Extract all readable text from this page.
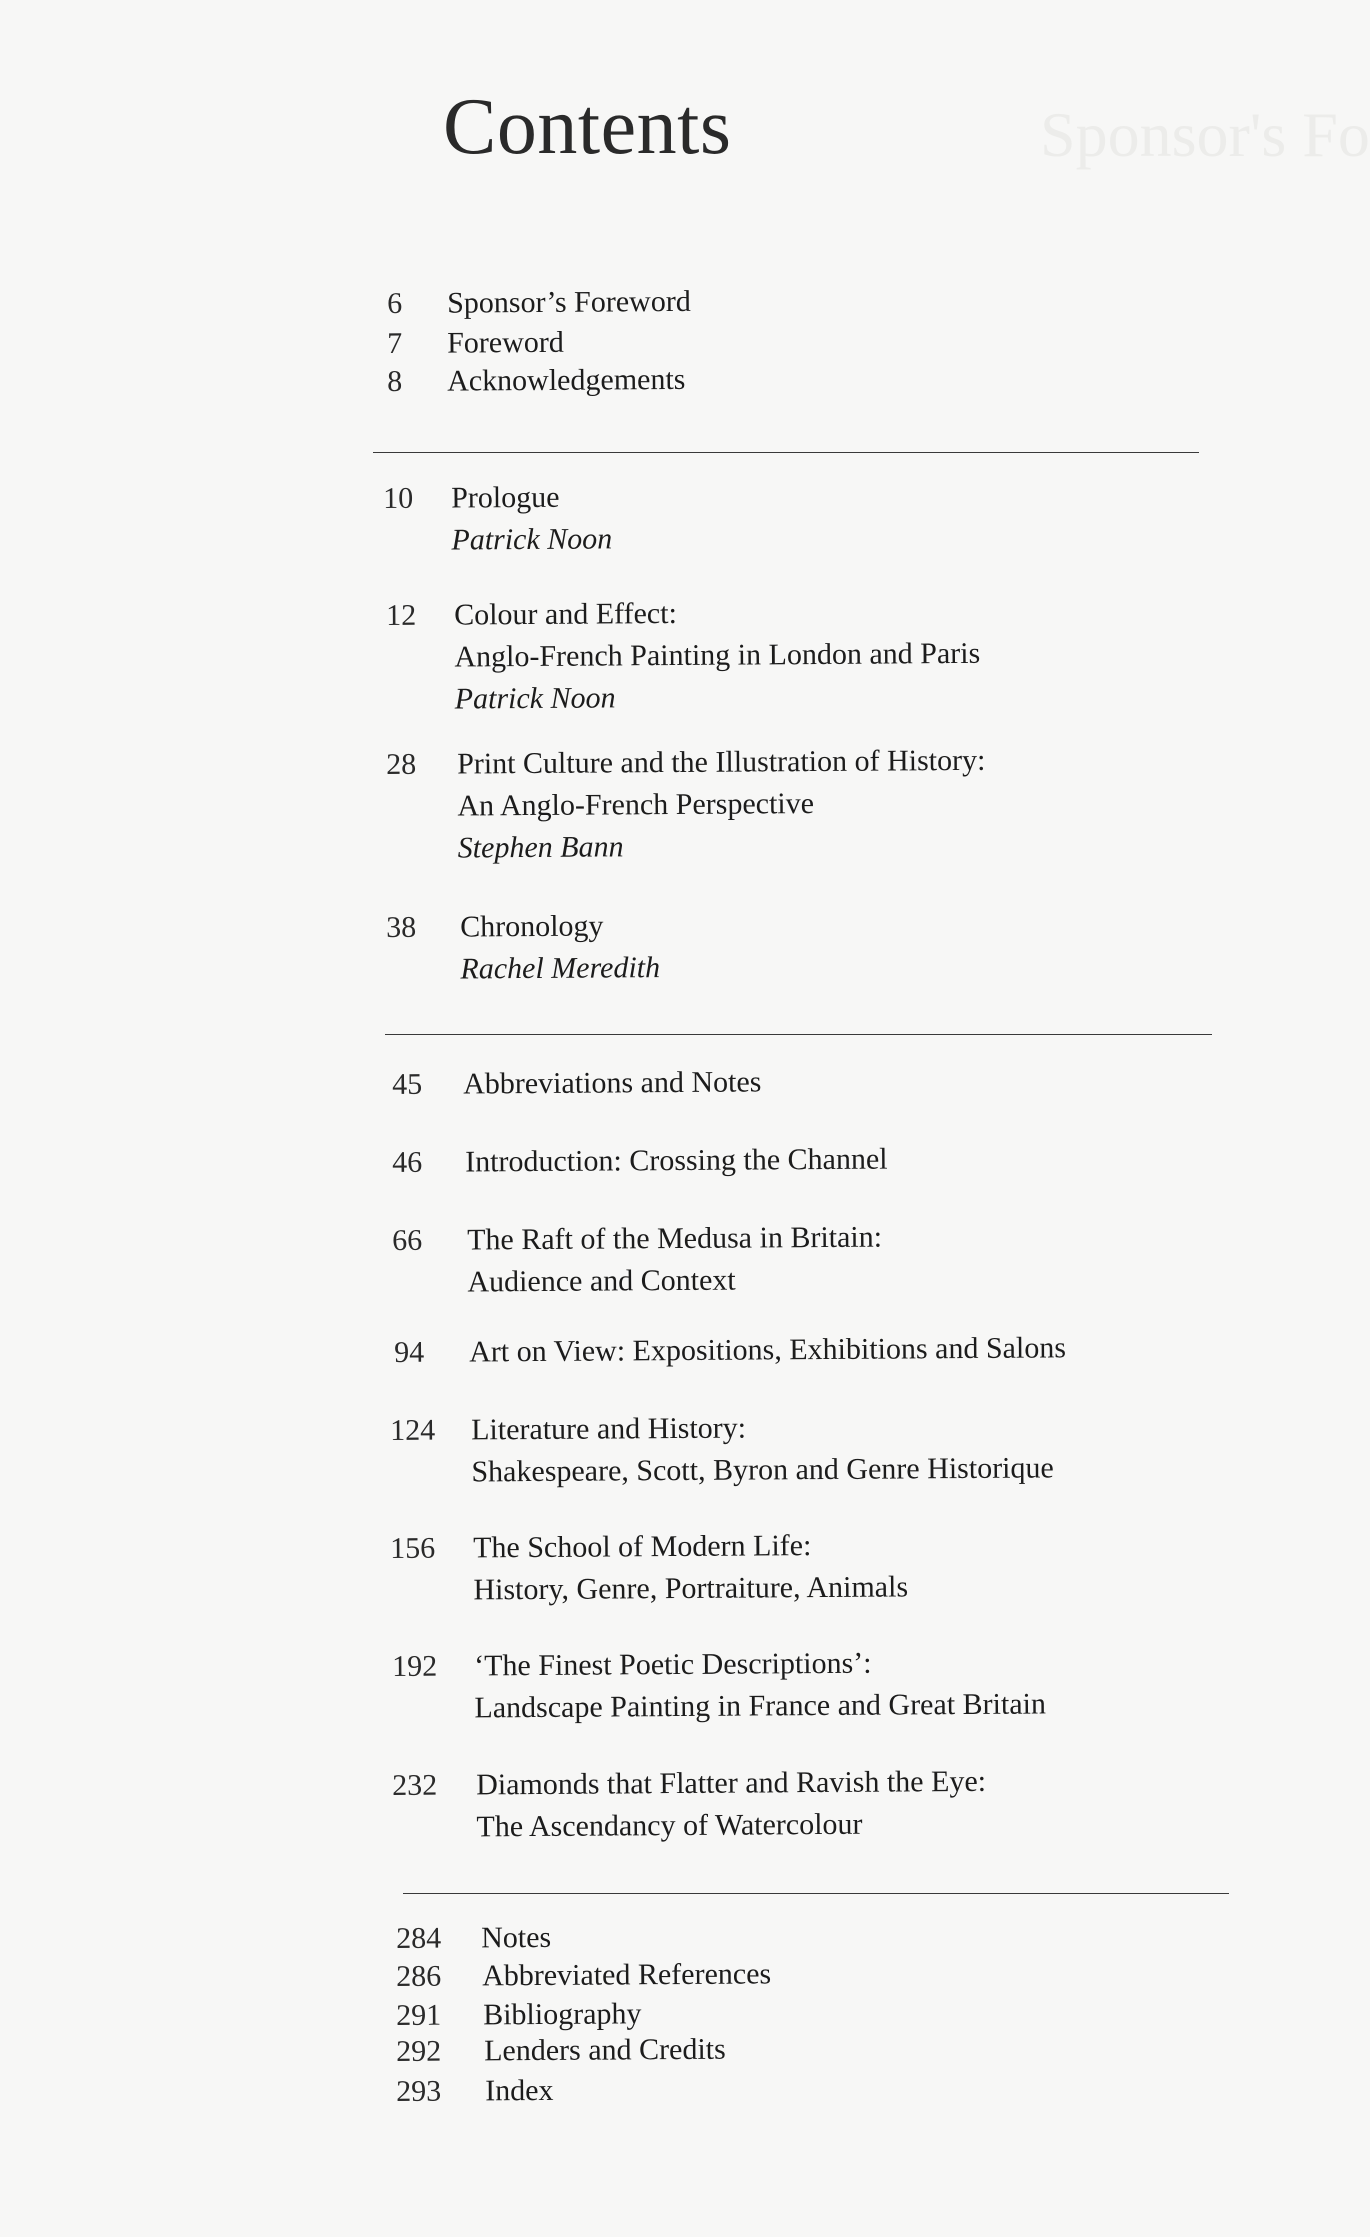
Sponsor's Fo
Contents
6 Sponsor’s Foreword
7 Foreword
8 Acknowledgements
10 Prologue
Patrick Noon
12 Colour and Effect:
Anglo-French Painting in London and Paris
Patrick Noon
28 Print Culture and the Illustration of History:
An Anglo-French Perspective
Stephen Bann
38 Chronology
Rachel Meredith
45 Abbreviations and Notes
46 Introduction: Crossing the Channel
66 The Raft of the Medusa in Britain:
Audience and Context
94 Art on View: Expositions, Exhibitions and Salons
124 Literature and History:
Shakespeare, Scott, Byron and Genre Historique
156 The School of Modern Life:
History, Genre, Portraiture, Animals
192 ‘The Finest Poetic Descriptions’:
Landscape Painting in France and Great Britain
232 Diamonds that Flatter and Ravish the Eye:
The Ascendancy of Watercolour
284 Notes
286 Abbreviated References
291 Bibliography
292 Lenders and Credits
293 Index
